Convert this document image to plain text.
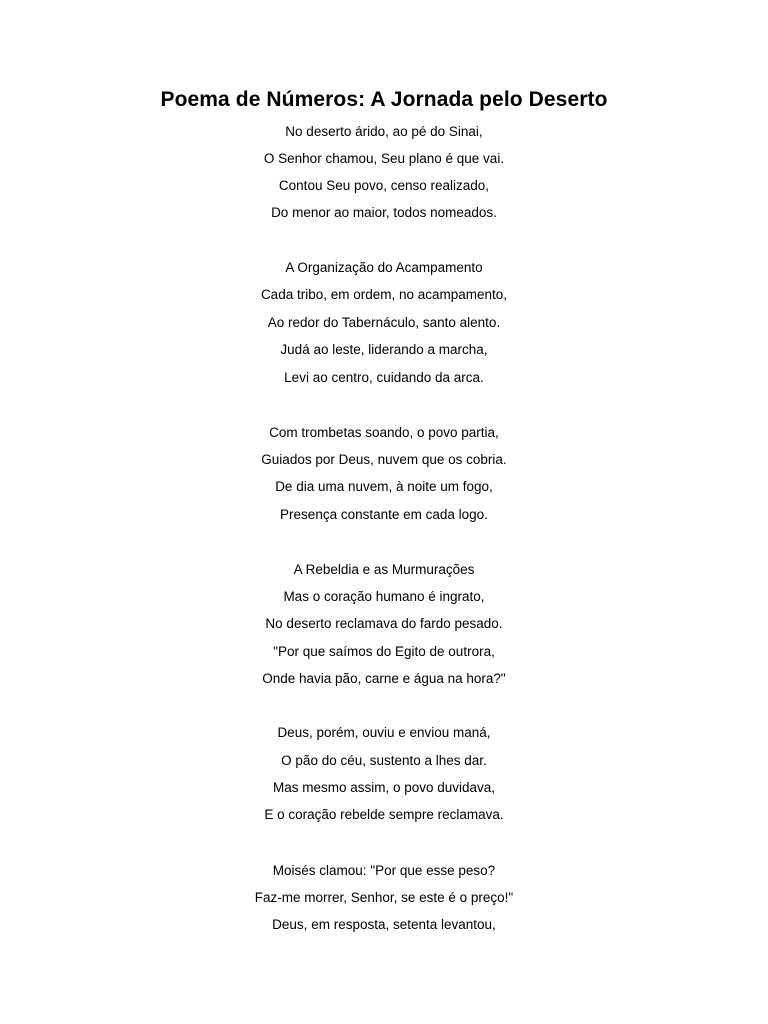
Poema de Números: A Jornada pelo Deserto

No deserto árido, ao pé do Sinai,

O Senhor chamou, Seu plano é que vai.

Contou Seu povo, censo realizado,

Do menor ao maior, todos nomeados.

A Organização do Acampamento

Cada tribo, em ordem, no acampamento,

Ao redor do Tabernáculo, santo alento.

Judá ao leste, liderando a marcha,

Levi ao centro, cuidando da arca.

Com trombetas soando, o povo partia,

Guiados por Deus, nuvem que os cobria.

De dia uma nuvem, à noite um fogo,

Presença constante em cada logo.

A Rebeldia e as Murmurações

Mas o coração humano é ingrato,

No deserto reclamava do fardo pesado.

"Por que saímos do Egito de outrora,

Onde havia pão, carne e água na hora?"

Deus, porém, ouviu e enviou maná,

O pão do céu, sustento a lhes dar.

Mas mesmo assim, o povo duvidava,

E o coração rebelde sempre reclamava.

Moisés clamou: "Por que esse peso?

Faz-me morrer, Senhor, se este é o preço!"

Deus, em resposta, setenta levantou,
